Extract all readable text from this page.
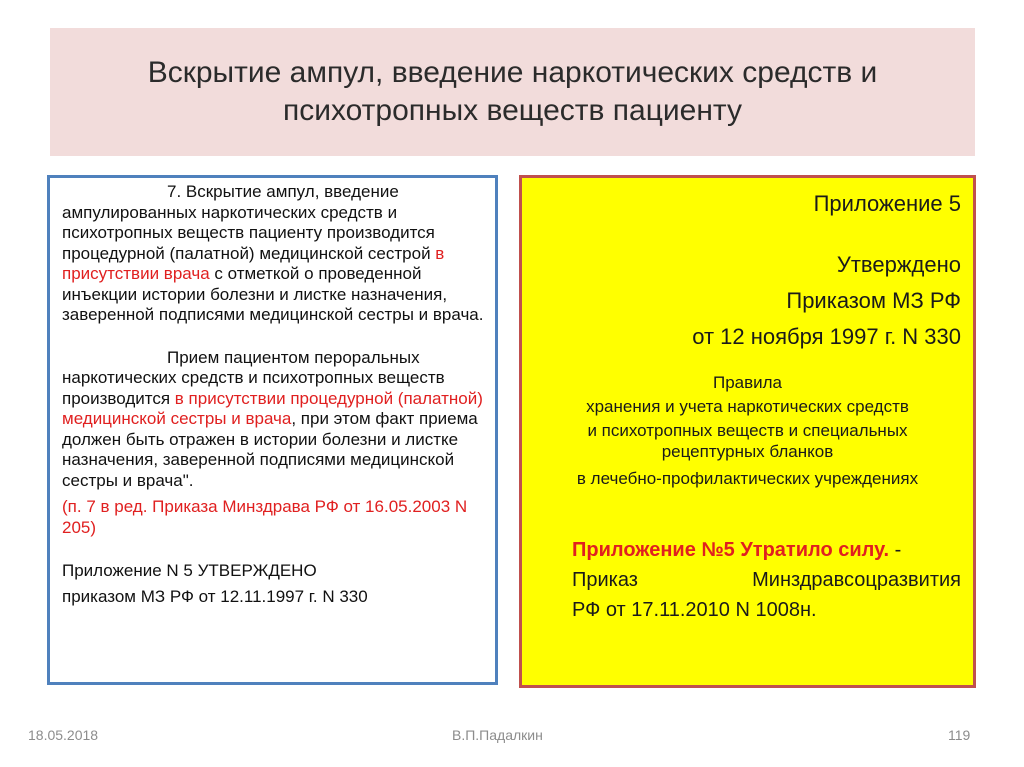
Вскрытие ампул, введение наркотических средств и
психотропных веществ пациенту

7. Вскрытие ампул, введение ампулированных наркотических средств и психотропных веществ пациенту производится процедурной (палатной) медицинской сестрой в присутствии врача с отметкой о проведенной инъекции истории болезни и листке назначения, заверенной подписями медицинской сестры и врача.

Прием пациентом пероральных наркотических средств и психотропных веществ производится в присутствии процедурной (палатной) медицинской сестры и врача, при этом факт приема должен быть отражен в истории болезни и листке назначения, заверенной подписями медицинской сестры и врача".

(п. 7 в ред. Приказа Минздрава РФ от 16.05.2003 N 205)

Приложение N 5 УТВЕРЖДЕНО
приказом МЗ РФ от 12.11.1997 г. N 330
Приложение 5
Утверждено
Приказом МЗ РФ
от 12 ноября 1997 г. N 330
Правила
хранения и учета наркотических средств
и психотропных веществ и специальных
рецептурных бланков
в лечебно-профилактических учреждениях
Приложение №5 Утратило силу. -
Приказ	Минздравсоцразвития
РФ от 17.11.2010 N 1008н.
18.05.2018	В.П.Падалкин	119
